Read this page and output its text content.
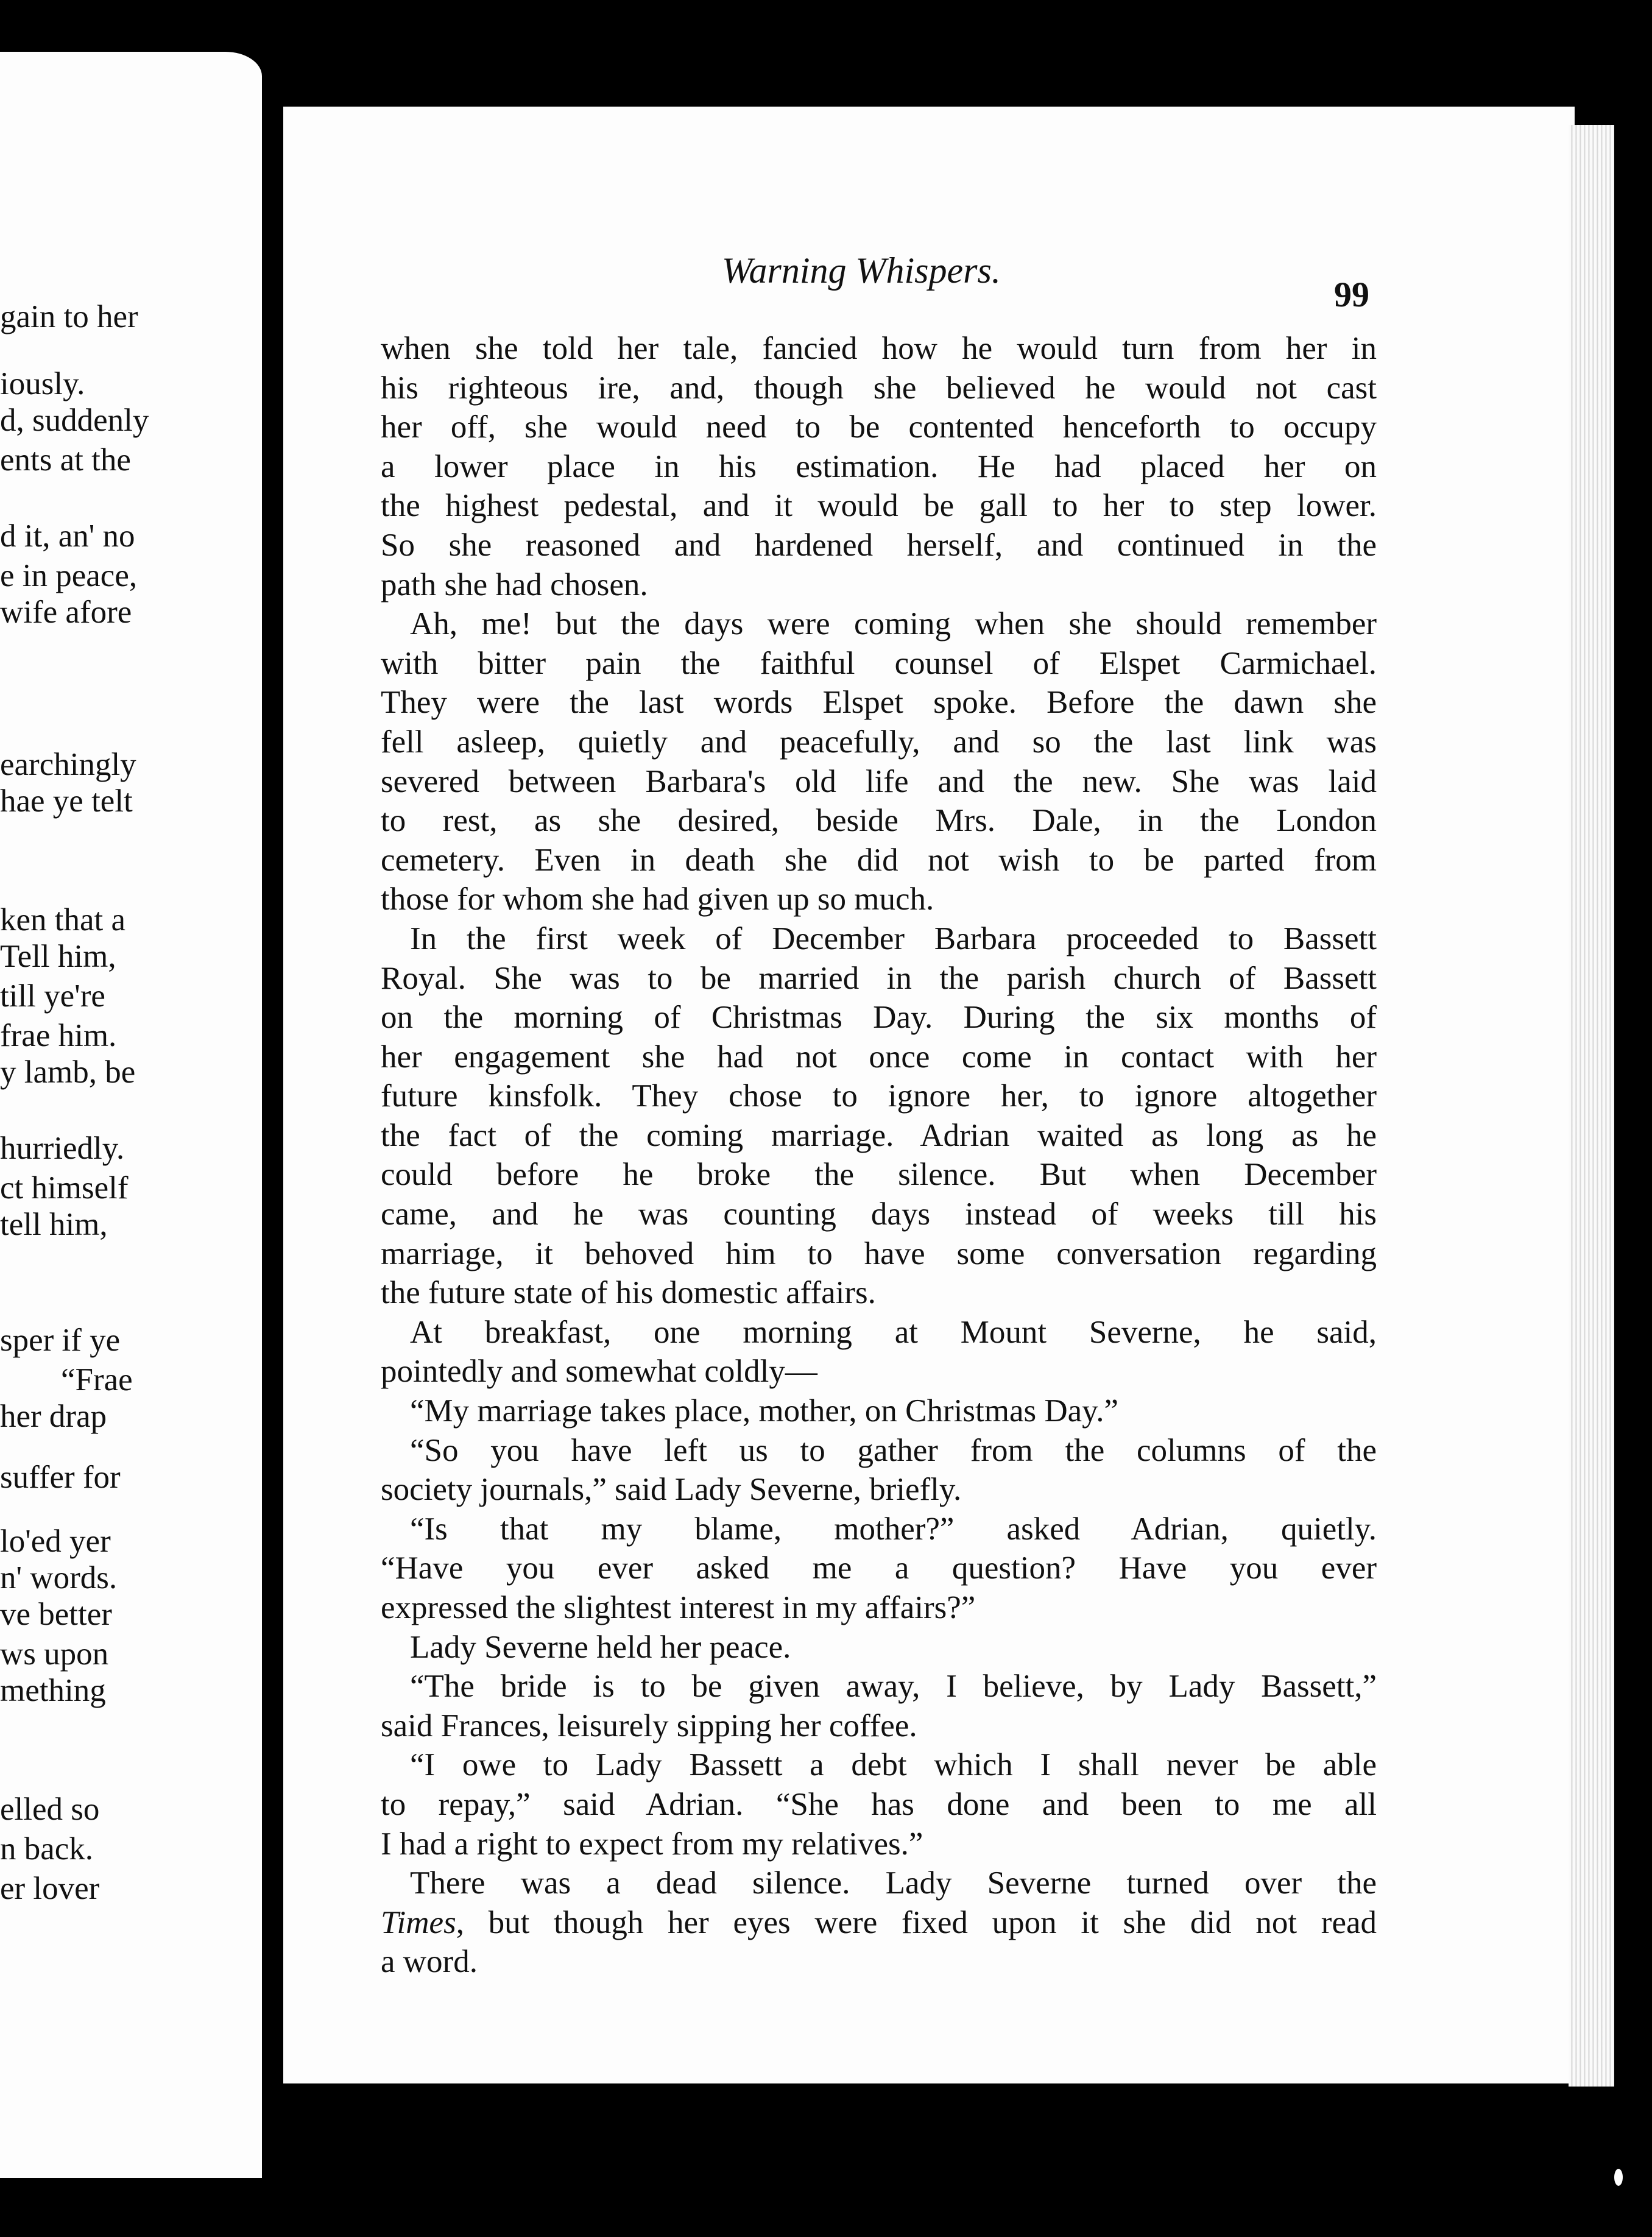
gain to her
iously.
d, suddenly
ents at the
d it, an' no
e in peace,
wife afore
earchingly
hae ye telt
ken that a
Tell him,
till ye're
frae him.
y lamb, be
hurriedly.
ct himself
tell him,
sper if ye
“Frae
her drap
suffer for
lo'ed yer
n' words.
ve better
ws upon
mething
elled so
n back.
er lover
Warning Whispers.
99
when she told her tale, fancied how he would turn from her in
his righteous ire, and, though she believed he would not cast
her off, she would need to be contented henceforth to occupy
a lower place in his estimation. He had placed her on
the highest pedestal, and it would be gall to her to step lower.
So she reasoned and hardened herself, and continued in the
path she had chosen.
Ah, me! but the days were coming when she should remember
with bitter pain the faithful counsel of Elspet Carmichael.
They were the last words Elspet spoke. Before the dawn she
fell asleep, quietly and peacefully, and so the last link was
severed between Barbara's old life and the new. She was laid
to rest, as she desired, beside Mrs. Dale, in the London
cemetery. Even in death she did not wish to be parted from
those for whom she had given up so much.
In the first week of December Barbara proceeded to Bassett
Royal. She was to be married in the parish church of Bassett
on the morning of Christmas Day. During the six months of
her engagement she had not once come in contact with her
future kinsfolk. They chose to ignore her, to ignore altogether
the fact of the coming marriage. Adrian waited as long as he
could before he broke the silence. But when December
came, and he was counting days instead of weeks till his
marriage, it behoved him to have some conversation regarding
the future state of his domestic affairs.
At breakfast, one morning at Mount Severne, he said,
pointedly and somewhat coldly—
“My marriage takes place, mother, on Christmas Day.”
“So you have left us to gather from the columns of the
society journals,” said Lady Severne, briefly.
“Is that my blame, mother?” asked Adrian, quietly.
“Have you ever asked me a question? Have you ever
expressed the slightest interest in my affairs?”
Lady Severne held her peace.
“The bride is to be given away, I believe, by Lady Bassett,”
said Frances, leisurely sipping her coffee.
“I owe to Lady Bassett a debt which I shall never be able
to repay,” said Adrian. “She has done and been to me all
I had a right to expect from my relatives.”
There was a dead silence. Lady Severne turned over the
Times, but though her eyes were fixed upon it she did not read
a word.
